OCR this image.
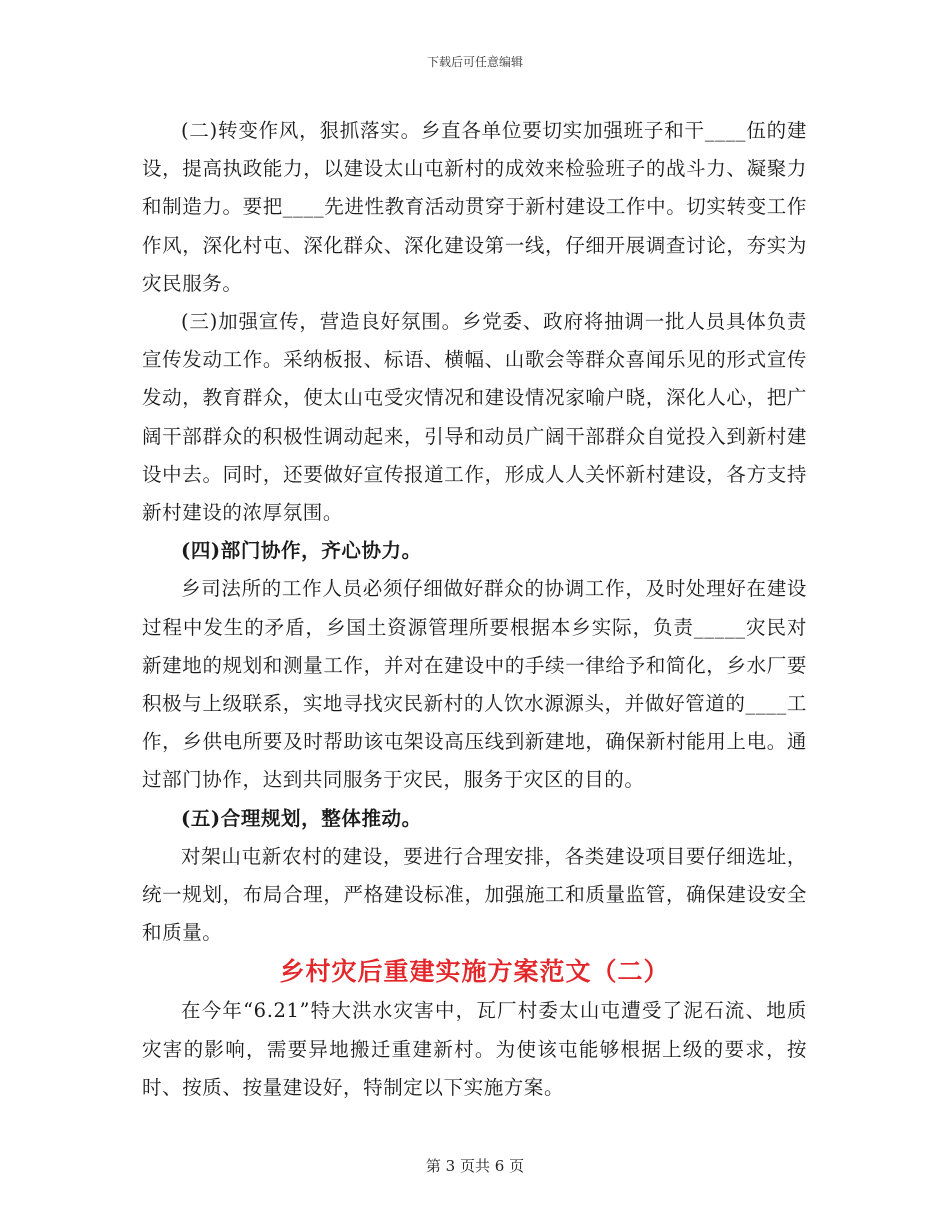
下载后可任意编辑

(二)转变作风，狠抓落实。乡直各单位要切实加强班子和干____伍的建设，提高执政能力，以建设太山屯新村的成效来检验班子的战斗力、凝聚力和制造力。要把____先进性教育活动贯穿于新村建设工作中。切实转变工作作风，深化村屯、深化群众、深化建设第一线，仔细开展调查讨论，夯实为灾民服务。

(三)加强宣传，营造良好氛围。乡党委、政府将抽调一批人员具体负责宣传发动工作。采纳板报、标语、横幅、山歌会等群众喜闻乐见的形式宣传发动，教育群众，使太山屯受灾情况和建设情况家喻户晓，深化人心，把广阔干部群众的积极性调动起来，引导和动员广阔干部群众自觉投入到新村建设中去。同时，还要做好宣传报道工作，形成人人关怀新村建设，各方支持新村建设的浓厚氛围。

(四)部门协作，齐心协力。

乡司法所的工作人员必须仔细做好群众的协调工作，及时处理好在建设过程中发生的矛盾，乡国土资源管理所要根据本乡实际，负责_____灾民对新建地的规划和测量工作，并对在建设中的手续一律给予和简化，乡水厂要积极与上级联系，实地寻找灾民新村的人饮水源源头，并做好管道的____工作，乡供电所要及时帮助该屯架设高压线到新建地，确保新村能用上电。通过部门协作，达到共同服务于灾民，服务于灾区的目的。

(五)合理规划，整体推动。

对架山屯新农村的建设，要进行合理安排，各类建设项目要仔细选址，统一规划，布局合理，严格建设标准，加强施工和质量监管，确保建设安全和质量。

乡村灾后重建实施方案范文（二）

在今年“6.21”特大洪水灾害中，瓦厂村委太山屯遭受了泥石流、地质灾害的影响，需要异地搬迁重建新村。为使该屯能够根据上级的要求，按时、按质、按量建设好，特制定以下实施方案。

第 3 页共 6 页
